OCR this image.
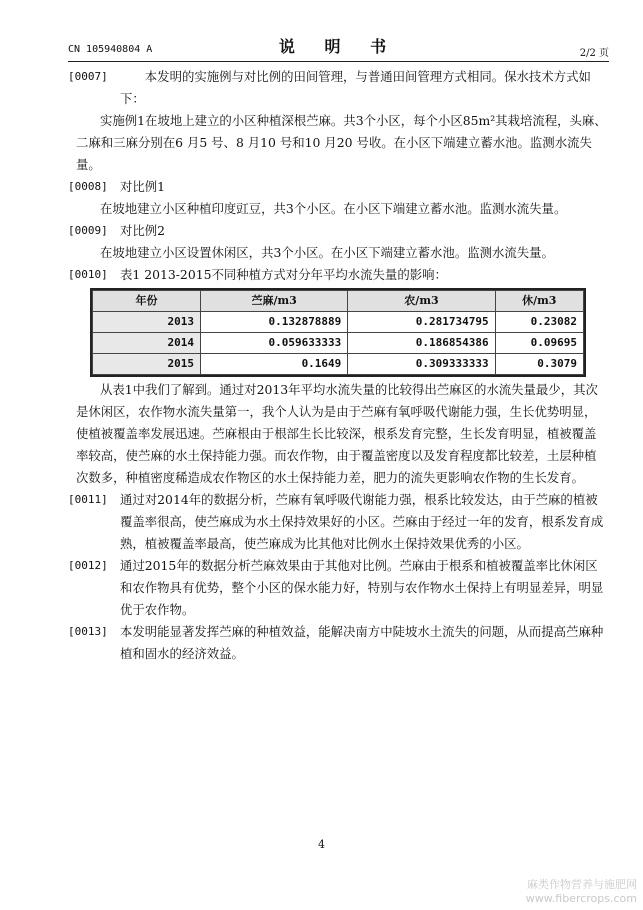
CN 105940804 A	说 明 书	2/2 页

[0007]	本发明的实施例与对比例的田间管理，与普通田间管理方式相同。保水技术方式如下：

实施例1在坡地上建立的小区种植深根苎麻。共3个小区，每个小区85m²其栽培流程，头麻、二麻和三麻分别在6 月5 号、8 月10 号和10 月20 号收。在小区下端建立蓄水池。监测水流失量。

[0008] 对比例1

在坡地建立小区种植印度豇豆，共3个小区。在小区下端建立蓄水池。监测水流失量。

[0009] 对比例2

在坡地建立小区设置休闲区，共3个小区。在小区下端建立蓄水池。监测水流失量。

[0010] 表1 2013-2015不同种植方式对分年平均水流失量的影响：

年份	苎麻/m3	农/m3	休/m3
2013	0.132878889	0.281734795	0.23082
2014	0.059633333	0.186854386	0.09695
2015	0.1649	0.309333333	0.3079

从表1中我们了解到。通过对2013年平均水流失量的比较得出苎麻区的水流失量最少，其次是休闲区，农作物水流失量第一，我个人认为是由于苎麻有氧呼吸代谢能力强，生长优势明显，使植被覆盖率发展迅速。苎麻根由于根部生长比较深，根系发育完整，生长发育明显，植被覆盖率较高，使苎麻的水土保持能力强。而农作物，由于覆盖密度以及发育程度都比较差，土层种植次数多，种植密度稀造成农作物区的水土保持能力差，肥力的流失更影响农作物的生长发育。

[0011] 通过对2014年的数据分析，苎麻有氧呼吸代谢能力强，根系比较发达，由于苎麻的植被覆盖率很高，使苎麻成为水土保持效果好的小区。苎麻由于经过一年的发育，根系发育成熟，植被覆盖率最高，使苎麻成为比其他对比例水土保持效果优秀的小区。

[0012] 通过2015年的数据分析苎麻效果由于其他对比例。苎麻由于根系和植被覆盖率比休闲区和农作物具有优势，整个小区的保水能力好，特别与农作物水土保持上有明显差异，明显优于农作物。

[0013] 本发明能显著发挥苎麻的种植效益，能解决南方中陡坡水土流失的问题，从而提高苎麻种植和固水的经济效益。

4
麻类作物营养与施肥网
www.fibercrops.com
